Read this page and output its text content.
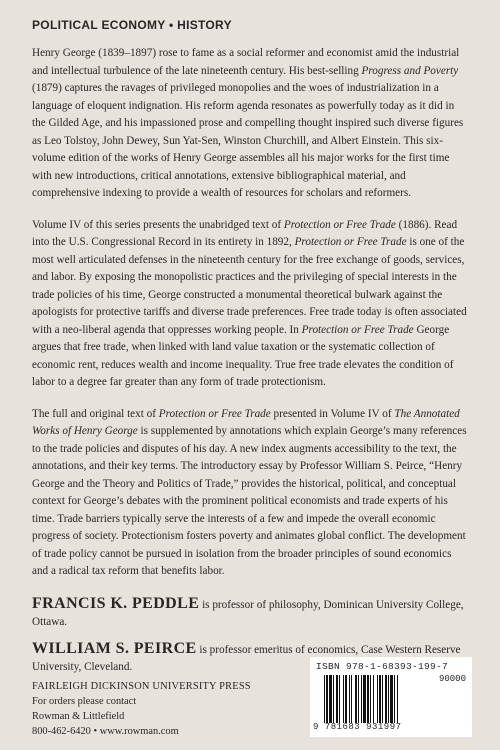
POLITICAL ECONOMY • HISTORY

Henry George (1839–1897) rose to fame as a social reformer and economist amid the industrial and intellectual turbulence of the late nineteenth century. His best-selling Progress and Poverty (1879) captures the ravages of privileged monopolies and the woes of industrialization in a language of eloquent indignation. His reform agenda resonates as powerfully today as it did in the Gilded Age, and his impassioned prose and compelling thought inspired such diverse figures as Leo Tolstoy, John Dewey, Sun Yat-Sen, Winston Churchill, and Albert Einstein. This six-volume edition of the works of Henry George assembles all his major works for the first time with new introductions, critical annotations, extensive bibliographical material, and comprehensive indexing to provide a wealth of resources for scholars and reformers.

Volume IV of this series presents the unabridged text of Protection or Free Trade (1886). Read into the U.S. Congressional Record in its entirety in 1892, Protection or Free Trade is one of the most well articulated defenses in the nineteenth century for the free exchange of goods, services, and labor. By exposing the monopolistic practices and the privileging of special interests in the trade policies of his time, George constructed a monumental theoretical bulwark against the apologists for protective tariffs and diverse trade preferences. Free trade today is often associated with a neo-liberal agenda that oppresses working people. In Protection or Free Trade George argues that free trade, when linked with land value taxation or the systematic collection of economic rent, reduces wealth and income inequality. True free trade elevates the condition of labor to a degree far greater than any form of trade protectionism.

The full and original text of Protection or Free Trade presented in Volume IV of The Annotated Works of Henry George is supplemented by annotations which explain George’s many references to the trade policies and disputes of his day. A new index augments accessibility to the text, the annotations, and their key terms. The introductory essay by Professor William S. Peirce, “Henry George and the Theory and Politics of Trade,” provides the historical, political, and conceptual context for George’s debates with the prominent political economists and trade experts of his time. Trade barriers typically serve the interests of a few and impede the overall economic progress of society. Protectionism fosters poverty and animates global conflict. The development of trade policy cannot be pursued in isolation from the broader principles of sound economics and a radical tax reform that benefits labor.

FRANCIS K. PEDDLE is professor of philosophy, Dominican University College, Ottawa.
WILLIAM S. PEIRCE is professor emeritus of economics, Case Western Reserve University, Cleveland.
FAIRLEIGH DICKINSON UNIVERSITY PRESS
For orders please contact
Rowman & Littlefield
800-462-6420 • www.rowman.com
ISBN 978-1-68393-199-7
90000
9 781683 931997
